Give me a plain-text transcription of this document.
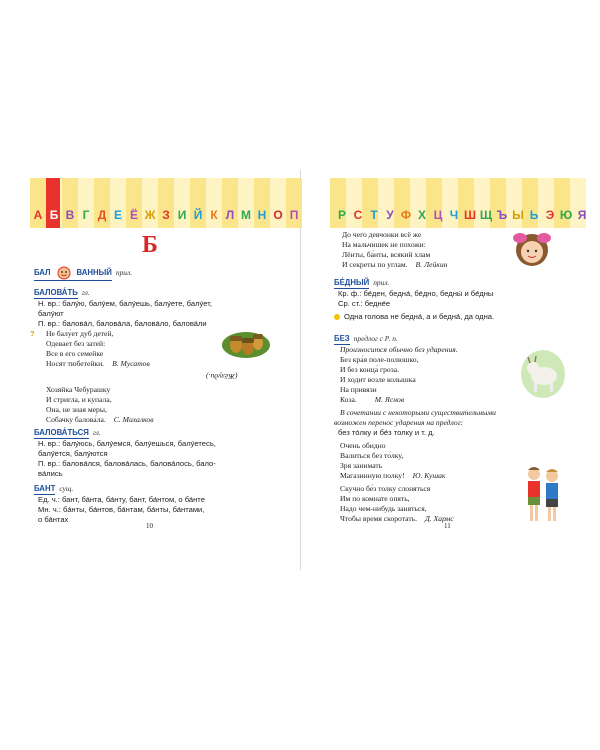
А Б В Г Д Е Ё Ж З И Й К Л М Н О П
Б
БАЛ	ВАННЫЙ прил.
БАЛОВА́ТЬ гл.
Н. вр.: балу́ю, балу́ем, балу́ешь, балу́ете, балу́ет,
балу́ют
П. вр.: балова́л, балова́ла, балова́ло, балова́ли
? Не балу́ет дуб детей,
Одевает без затей:
Все в его семейке
Носят тюбетейки. В. Мусатов
(Жёлуди.)
Хозяйка Чебурашку
И стригла, и купала,
Она, не зная меры,
Собачку балова́ла. С. Михалков
БАЛОВА́ТЬСЯ гл.
Н. вр.: балу́юсь, балу́емся, балу́ешься, балу́етесь,
балу́ется, балу́ются
П. вр.: балова́лся, балова́лась, балова́лось, бало-
ва́лись
БАНТ сущ.
Ед. ч.: бант, ба́нта, ба́нту, бант, ба́нтом, о ба́нте
Мн. ч.: ба́нты, ба́нтов, ба́нтам, ба́нты, ба́нтами,
о ба́нтах
10
Р С Т У Ф Х Ц Ч Ш Щ Ъ Ы Ь Э Ю Я
До чего девчонки всё же
На мальчишек не похожи:
Лёнты, ба́нты, всякий хлам
И секреты по углам. В. Лейкин
БЕ́ДНЫЙ прил.
Кр. ф.: бе́ден, бедна́, бе́дно, бедны́ и бе́дны
Ср. ст.: бедне́е
Одна голова не бедна́, а и бедна́, да одна.
БЕЗ предлог с Р. п.
Произносится обычно без ударения.
Без кра́я поле-полюшко,
И без конца́ гроза.
И ходит возле колышка
На привязи
Коза. М. Яснов
В сочетании с некоторыми существительными
возможен перенос ударения на предлог:
без то́лку и бе́з толку и т. д.
Очень обидно
Валиться без то́лку,
Зря занимать
Магазинную полку! Ю. Кушак
Скучно бе́з толку слоняться
Им по комнате опять,
Надо чем-нибудь заняться,
Чтобы время скоротать. Д. Хармс
11
